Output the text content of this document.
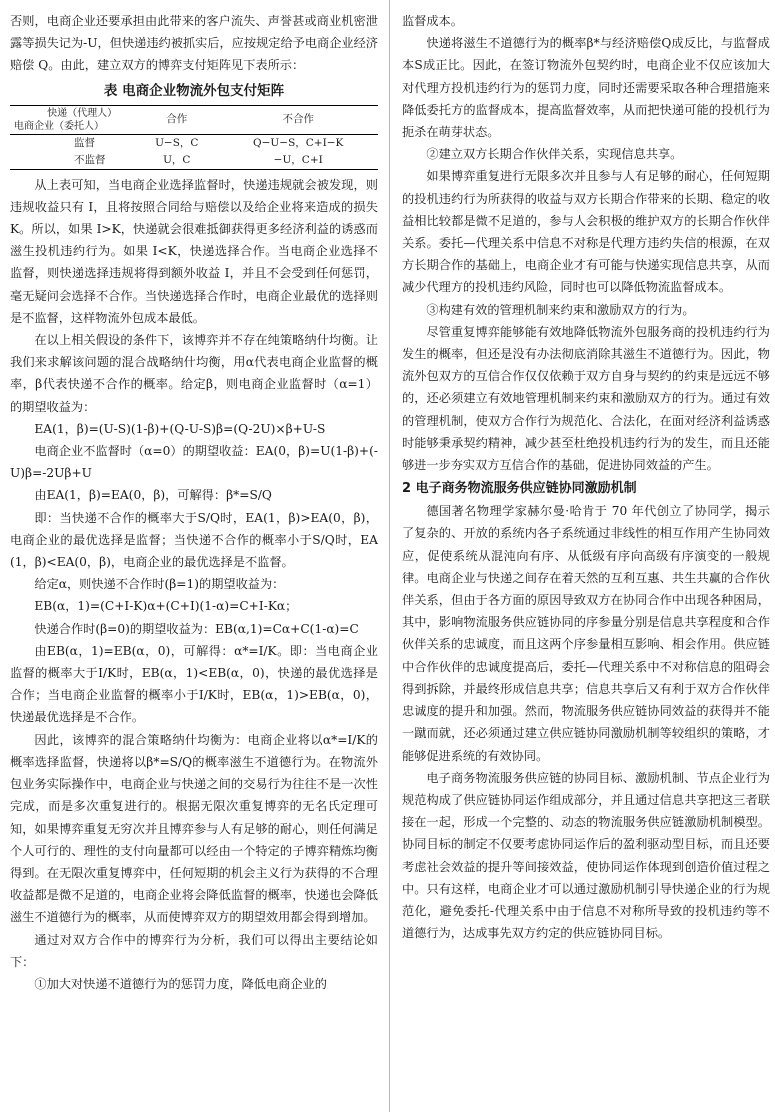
否则，电商企业还要承担由此带来的客户流失、声誉甚或商业机密泄露等损失记为-U，但快递违约被抓实后，应按规定给予电商企业经济赔偿 Q。由此，建立双方的博弈支付矩阵见下表所示：

表 电商企业物流外包支付矩阵
快递（代理人）
电商企业（委托人）	合作	不合作
监督	U−S，C	Q−U−S，C+I−K
不监督	U，C	−U，C+I

从上表可知，当电商企业选择监督时，快递违规就会被发现，则违规收益只有 I，且将按照合同给与赔偿以及给企业将来造成的损失 K。所以，如果 I>K，快递就会很难抵御获得更多经济利益的诱惑而滋生投机违约行为。如果 I<K，快递选择合作。当电商企业选择不监督，则快递选择违规将得到额外收益 I，并且不会受到任何惩罚，毫无疑问会选择不合作。当快递选择合作时，电商企业最优的选择则是不监督，这样物流外包成本最低。

在以上相关假设的条件下，该博弈并不存在纯策略纳什均衡。让我们来求解该问题的混合战略纳什均衡，用α代表电商企业监督的概率，β代表快递不合作的概率。给定β，则电商企业监督时（α=1）的期望收益为：

EA(1，β)=(U-S)(1-β)+(Q-U-S)β=(Q-2U)×β+U-S

电商企业不监督时（α=0）的期望收益：EA(0，β)=U(1-β)+(-U)β=-2Uβ+U

由EA(1，β)=EA(0，β)，可解得：β*=S/Q

即：当快递不合作的概率大于S/Q时，EA(1，β)>EA(0，β)，电商企业的最优选择是监督；当快递不合作的概率小于S/Q时，EA(1，β)<EA(0，β)，电商企业的最优选择是不监督。

给定α，则快递不合作时(β=1)的期望收益为：

EB(α，1)=(C+I-K)α+(C+I)(1-α)=C+I-Kα；

快递合作时(β=0)的期望收益为：EB(α,1)=Cα+C(1-α)=C

由EB(α，1)=EB(α，0)，可解得：α*=I/K。即：当电商企业监督的概率大于I/K时，EB(α，1)<EB(α，0)，快递的最优选择是合作；当电商企业监督的概率小于I/K时，EB(α，1)>EB(α，0)，快递最优选择是不合作。

因此，该博弈的混合策略纳什均衡为：电商企业将以α*=I/K的概率选择监督，快递将以β*=S/Q的概率滋生不道德行为。在物流外包业务实际操作中，电商企业与快递之间的交易行为往往不是一次性完成，而是多次重复进行的。根据无限次重复博弈的无名氏定理可知，如果博弈重复无穷次并且博弈参与人有足够的耐心，则任何满足个人可行的、理性的支付向量都可以经由一个特定的子博弈精炼均衡得到。在无限次重复博弈中，任何短期的机会主义行为获得的不合理收益都是微不足道的，电商企业将会降低监督的概率，快递也会降低滋生不道德行为的概率，从而使博弈双方的期望效用都会得到增加。

通过对双方合作中的博弈行为分析，我们可以得出主要结论如下：

①加大对快递不道德行为的惩罚力度，降低电商企业的

监督成本。

快递将滋生不道德行为的概率β*与经济赔偿Q成反比，与监督成本S成正比。因此，在签订物流外包契约时，电商企业不仅应该加大对代理方投机违约行为的惩罚力度，同时还需要采取各种合理措施来降低委托方的监督成本，提高监督效率，从而把快递可能的投机行为扼杀在萌芽状态。

②建立双方长期合作伙伴关系，实现信息共享。

如果博弈重复进行无限多次并且参与人有足够的耐心，任何短期的投机违约行为所获得的收益与双方长期合作带来的长期、稳定的收益相比较都是微不足道的，参与人会积极的维护双方的长期合作伙伴关系。委托—代理关系中信息不对称是代理方违约失信的根源，在双方长期合作的基础上，电商企业才有可能与快递实现信息共享，从而减少代理方的投机违约风险，同时也可以降低物流监督成本。

③构建有效的管理机制来约束和激励双方的行为。

尽管重复博弈能够能有效地降低物流外包服务商的投机违约行为发生的概率，但还是没有办法彻底消除其滋生不道德行为。因此，物流外包双方的互信合作仅仅依赖于双方自身与契约的约束是远远不够的，还必须建立有效地管理机制来约束和激励双方的行为。通过有效的管理机制，使双方合作行为规范化、合法化，在面对经济利益诱惑时能够秉承契约精神，减少甚至杜绝投机违约行为的发生，而且还能够进一步夯实双方互信合作的基础，促进协同效益的产生。

2 电子商务物流服务供应链协同激励机制

德国著名物理学家赫尔曼·哈肯于 70 年代创立了协同学，揭示了复杂的、开放的系统内各子系统通过非线性的相互作用产生协同效应，促使系统从混沌向有序、从低级有序向高级有序演变的一般规律。电商企业与快递之间存在着天然的互利互惠、共生共赢的合作伙伴关系，但由于各方面的原因导致双方在协同合作中出现各种困局，其中，影响物流服务供应链协同的序参量分别是信息共享程度和合作伙伴关系的忠诚度，而且这两个序参量相互影响、相会作用。供应链中合作伙伴的忠诚度提高后，委托—代理关系中不对称信息的阻碍会得到拆除，并最终形成信息共享；信息共享后又有利于双方合作伙伴忠诚度的提升和加强。然而，物流服务供应链协同效益的获得并不能一蹴而就，还必须通过建立供应链协同激励机制等较组织的策略，才能够促进系统的有效协同。

电子商务物流服务供应链的协同目标、激励机制、节点企业行为规范构成了供应链协同运作组成部分，并且通过信息共享把这三者联接在一起，形成一个完整的、动态的物流服务供应链激励机制模型。协同目标的制定不仅要考虑协同运作后的盈利驱动型目标，而且还要考虑社会效益的提升等间接效益，使协同运作体现到创造价值过程之中。只有这样，电商企业才可以通过激励机制引导快递企业的行为规范化，避免委托-代理关系中由于信息不对称所导致的投机违约等不道德行为，达成事先双方约定的供应链协同目标。
